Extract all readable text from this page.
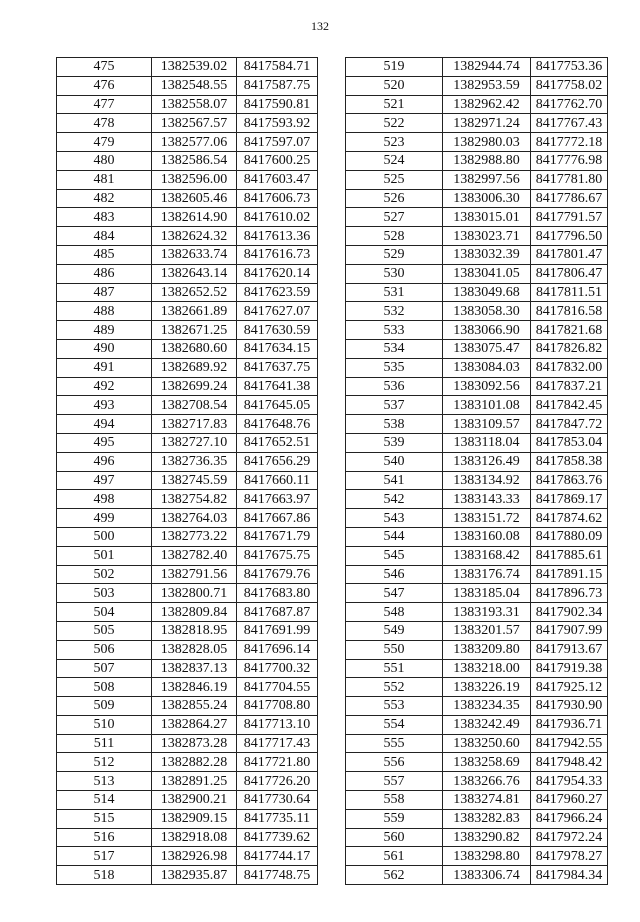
132
475	1382539.02	8417584.71
476	1382548.55	8417587.75
477	1382558.07	8417590.81
478	1382567.57	8417593.92
479	1382577.06	8417597.07
480	1382586.54	8417600.25
481	1382596.00	8417603.47
482	1382605.46	8417606.73
483	1382614.90	8417610.02
484	1382624.32	8417613.36
485	1382633.74	8417616.73
486	1382643.14	8417620.14
487	1382652.52	8417623.59
488	1382661.89	8417627.07
489	1382671.25	8417630.59
490	1382680.60	8417634.15
491	1382689.92	8417637.75
492	1382699.24	8417641.38
493	1382708.54	8417645.05
494	1382717.83	8417648.76
495	1382727.10	8417652.51
496	1382736.35	8417656.29
497	1382745.59	8417660.11
498	1382754.82	8417663.97
499	1382764.03	8417667.86
500	1382773.22	8417671.79
501	1382782.40	8417675.75
502	1382791.56	8417679.76
503	1382800.71	8417683.80
504	1382809.84	8417687.87
505	1382818.95	8417691.99
506	1382828.05	8417696.14
507	1382837.13	8417700.32
508	1382846.19	8417704.55
509	1382855.24	8417708.80
510	1382864.27	8417713.10
511	1382873.28	8417717.43
512	1382882.28	8417721.80
513	1382891.25	8417726.20
514	1382900.21	8417730.64
515	1382909.15	8417735.11
516	1382918.08	8417739.62
517	1382926.98	8417744.17
518	1382935.87	8417748.75
519	1382944.74	8417753.36
520	1382953.59	8417758.02
521	1382962.42	8417762.70
522	1382971.24	8417767.43
523	1382980.03	8417772.18
524	1382988.80	8417776.98
525	1382997.56	8417781.80
526	1383006.30	8417786.67
527	1383015.01	8417791.57
528	1383023.71	8417796.50
529	1383032.39	8417801.47
530	1383041.05	8417806.47
531	1383049.68	8417811.51
532	1383058.30	8417816.58
533	1383066.90	8417821.68
534	1383075.47	8417826.82
535	1383084.03	8417832.00
536	1383092.56	8417837.21
537	1383101.08	8417842.45
538	1383109.57	8417847.72
539	1383118.04	8417853.04
540	1383126.49	8417858.38
541	1383134.92	8417863.76
542	1383143.33	8417869.17
543	1383151.72	8417874.62
544	1383160.08	8417880.09
545	1383168.42	8417885.61
546	1383176.74	8417891.15
547	1383185.04	8417896.73
548	1383193.31	8417902.34
549	1383201.57	8417907.99
550	1383209.80	8417913.67
551	1383218.00	8417919.38
552	1383226.19	8417925.12
553	1383234.35	8417930.90
554	1383242.49	8417936.71
555	1383250.60	8417942.55
556	1383258.69	8417948.42
557	1383266.76	8417954.33
558	1383274.81	8417960.27
559	1383282.83	8417966.24
560	1383290.82	8417972.24
561	1383298.80	8417978.27
562	1383306.74	8417984.34
